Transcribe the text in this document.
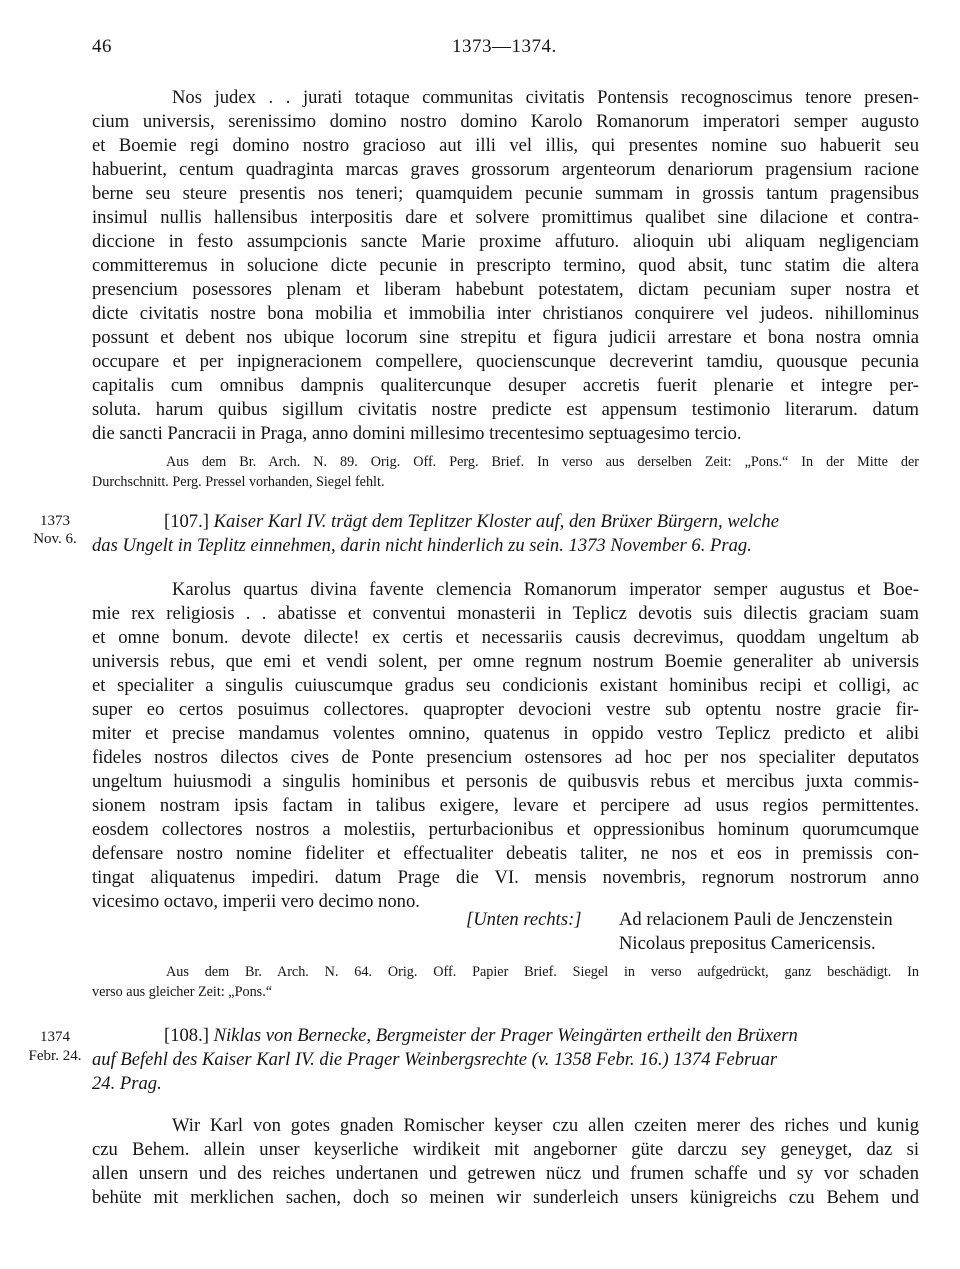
46	1373—1374.
Nos judex . . jurati totaque communitas civitatis Pontensis recognoscimus tenore presen-
cium universis, serenissimo domino nostro domino Karolo Romanorum imperatori semper augusto
et Boemie regi domino nostro gracioso aut illi vel illis, qui presentes nomine suo habuerit seu
habuerint, centum quadraginta marcas graves grossorum argenteorum denariorum pragensium racione
berne seu steure presentis nos teneri; quamquidem pecunie summam in grossis tantum pragensibus
insimul nullis hallensibus interpositis dare et solvere promittimus qualibet sine dilacione et contra-
diccione in festo assumpcionis sancte Marie proxime affuturo. alioquin ubi aliquam negligenciam
committeremus in solucione dicte pecunie in prescripto termino, quod absit, tunc statim die altera
presencium posessores plenam et liberam habebunt potestatem, dictam pecuniam super nostra et
dicte civitatis nostre bona mobilia et immobilia inter christianos conquirere vel judeos. nihillominus
possunt et debent nos ubique locorum sine strepitu et figura judicii arrestare et bona nostra omnia
occupare et per inpigneracionem compellere, quocienscunque decreverint tamdiu, quousque pecunia
capitalis cum omnibus dampnis qualitercunque desuper accretis fuerit plenarie et integre per-
soluta. harum quibus sigillum civitatis nostre predicte est appensum testimonio literarum. datum
die sancti Pancracii in Praga, anno domini millesimo trecentesimo septuagesimo tercio.
Aus dem Br. Arch. N. 89. Orig. Off. Perg. Brief. In verso aus derselben Zeit: „Pons.“ In der Mitte der
Durchschnitt. Perg. Pressel vorhanden, Siegel fehlt.
1373
Nov. 6.
[107.] Kaiser Karl IV. trägt dem Teplitzer Kloster auf, den Brüxer Bürgern, welche
das Ungelt in Teplitz einnehmen, darin nicht hinderlich zu sein. 1373 November 6. Prag.
Karolus quartus divina favente clemencia Romanorum imperator semper augustus et Boe-
mie rex religiosis . . abatisse et conventui monasterii in Teplicz devotis suis dilectis graciam suam
et omne bonum. devote dilecte! ex certis et necessariis causis decrevimus, quoddam ungeltum ab
universis rebus, que emi et vendi solent, per omne regnum nostrum Boemie generaliter ab universis
et specialiter a singulis cuiuscumque gradus seu condicionis existant hominibus recipi et colligi, ac
super eo certos posuimus collectores. quapropter devocioni vestre sub optentu nostre gracie fir-
miter et precise mandamus volentes omnino, quatenus in oppido vestro Teplicz predicto et alibi
fideles nostros dilectos cives de Ponte presencium ostensores ad hoc per nos specialiter deputatos
ungeltum huiusmodi a singulis hominibus et personis de quibusvis rebus et mercibus juxta commis-
sionem nostram ipsis factam in talibus exigere, levare et percipere ad usus regios permittentes.
eosdem collectores nostros a molestiis, perturbacionibus et oppressionibus hominum quorumcumque
defensare nostro nomine fideliter et effectualiter debeatis taliter, ne nos et eos in premissis con-
tingat aliquatenus impediri. datum Prage die VI. mensis novembris, regnorum nostrorum anno
vicesimo octavo, imperii vero decimo nono.
[Unten rechts:] Ad relacionem Pauli de Jenczenstein
Nicolaus prepositus Camericensis.
Aus dem Br. Arch. N. 64. Orig. Off. Papier Brief. Siegel in verso aufgedrückt, ganz beschädigt. In
verso aus gleicher Zeit: „Pons.“
1374
Febr. 24.
[108.] Niklas von Bernecke, Bergmeister der Prager Weingärten ertheilt den Brüxern
auf Befehl des Kaiser Karl IV. die Prager Weinbergsrechte (v. 1358 Febr. 16.) 1374 Februar
24. Prag.
Wir Karl von gotes gnaden Romischer keyser czu allen czeiten merer des riches und kunig
czu Behem. allein unser keyserliche wirdikeit mit angeborner güte darczu sey geneyget, daz si
allen unsern und des reiches undertanen und getrewen nücz und frumen schaffe und sy vor schaden
behüte mit merklichen sachen, doch so meinen wir sunderleich unsers künigreichs czu Behem und
